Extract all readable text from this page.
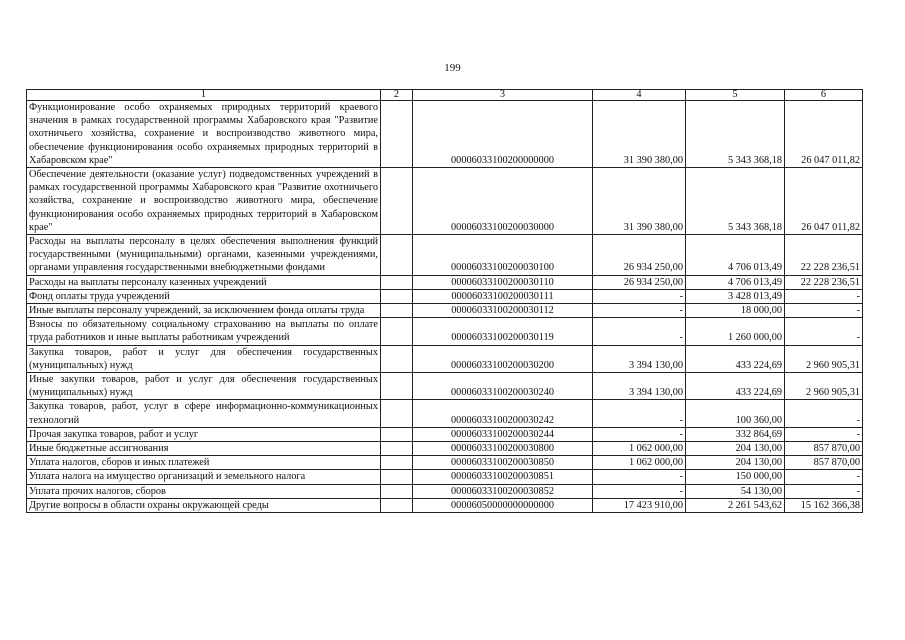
199
1	2	3	4	5	6
Функционирование особо охраняемых природных территорий краевого значения в рамках государственной программы Хабаровского края "Развитие охотничьего хозяйства, сохранение и воспроизводство животного мира, обеспечение функционирования особо охраняемых природных территорий в Хабаровском крае"		00006033100200000000	31 390 380,00	5 343 368,18	26 047 011,82
Обеспечение деятельности (оказание услуг) подведомственных учреждений в рамках государственной программы Хабаровского края "Развитие охотничьего хозяйства, сохранение и воспроизводство животного мира, обеспечение функционирования особо охраняемых природных территорий в Хабаровском крае"		00006033100200030000	31 390 380,00	5 343 368,18	26 047 011,82
Расходы на выплаты персоналу в целях обеспечения выполнения функций государственными (муниципальными) органами, казенными учреждениями, органами управления государственными внебюджетными фондами		00006033100200030100	26 934 250,00	4 706 013,49	22 228 236,51
Расходы на выплаты персоналу казенных учреждений		00006033100200030110	26 934 250,00	4 706 013,49	22 228 236,51
Фонд оплаты труда учреждений		00006033100200030111	-	3 428 013,49	-
Иные выплаты персоналу учреждений, за исключением фонда оплаты труда		00006033100200030112	-	18 000,00	-
Взносы по обязательному социальному страхованию на выплаты по оплате труда работников и иные выплаты работникам учреждений		00006033100200030119	-	1 260 000,00	-
Закупка товаров, работ и услуг для обеспечения государственных (муниципальных) нужд		00006033100200030200	3 394 130,00	433 224,69	2 960 905,31
Иные закупки товаров, работ и услуг для обеспечения государственных (муниципальных) нужд		00006033100200030240	3 394 130,00	433 224,69	2 960 905,31
Закупка товаров, работ, услуг в сфере информационно-коммуникационных технологий		00006033100200030242	-	100 360,00	-
Прочая закупка товаров, работ и услуг		00006033100200030244	-	332 864,69	-
Иные бюджетные ассигнования		00006033100200030800	1 062 000,00	204 130,00	857 870,00
Уплата налогов, сборов и иных платежей		00006033100200030850	1 062 000,00	204 130,00	857 870,00
Уплата налога на имущество организаций и земельного налога		00006033100200030851	-	150 000,00	-
Уплата прочих налогов, сборов		00006033100200030852	-	54 130,00	-
Другие вопросы в области охраны окружающей среды		00006050000000000000	17 423 910,00	2 261 543,62	15 162 366,38
